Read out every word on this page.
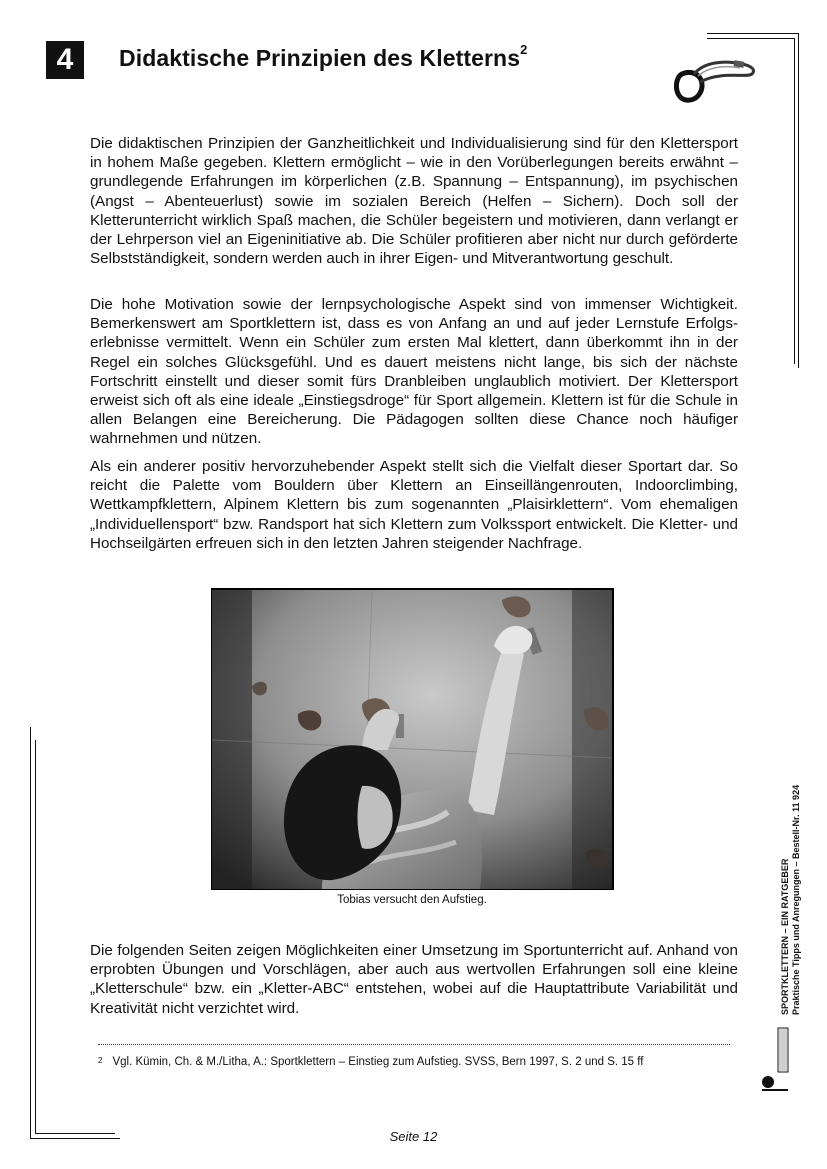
4	Didaktische Prinzipien des Kletterns$^2$

Die didaktischen Prinzipien der Ganzheitlichkeit und Individualisierung sind für den Klettersport in hohem Maße gegeben. Klettern ermöglicht – wie in den Vorüberlegungen bereits erwähnt – grundlegende Erfahrungen im körperlichen (z.B. Spannung – Entspannung), im psychischen (Angst – Abenteuerlust) sowie im sozialen Bereich (Helfen – Sichern). Doch soll der Kletterunterricht wirklich Spaß machen, die Schüler begeistern und motivieren, dann verlangt er der Lehrperson viel an Eigeninitiative ab. Die Schüler profitieren aber nicht nur durch geförderte Selbstständigkeit, sondern werden auch in ihrer Eigen- und Mitverantwortung geschult.

Die hohe Motivation sowie der lernpsychologische Aspekt sind von immenser Wichtigkeit. Bemerkenswert am Sportklettern ist, dass es von Anfang an und auf jeder Lernstufe Erfolgserlebnisse vermittelt. Wenn ein Schüler zum ersten Mal klettert, dann überkommt ihn in der Regel ein solches Glücksgefühl. Und es dauert meistens nicht lange, bis sich der nächste Fortschritt einstellt und dieser somit fürs Dranbleiben unglaublich motiviert. Der Klettersport erweist sich oft als eine ideale „Einstiegsdroge“ für Sport allgemein. Klettern ist für die Schule in allen Belangen eine Bereicherung. Die Pädagogen sollten diese Chance noch häufiger wahrnehmen und nützen.

Als ein anderer positiv hervorzuhebender Aspekt stellt sich die Vielfalt dieser Sportart dar. So reicht die Palette vom Bouldern über Klettern an Einseillängenrouten, Indoorclimbing, Wettkampfklettern, Alpinem Klettern bis zum sogenannten „Plaisirklettern“. Vom ehemaligen „Individuellensport“ bzw. Randsport hat sich Klettern zum Volkssport entwickelt. Die Kletter- und Hochseilgärten erfreuen sich in den letzten Jahren steigender Nachfrage.

Tobias versucht den Aufstieg.

Die folgenden Seiten zeigen Möglichkeiten einer Umsetzung im Sportunterricht auf. Anhand von erprobten Übungen und Vorschlägen, aber auch aus wertvollen Erfahrungen soll eine kleine „Kletterschule“ bzw. ein „Kletter-ABC“ entstehen, wobei auf die Hauptattribute Variabilität und Kreativität nicht verzichtet wird.

$^2$ Vgl. Kümin, Ch. & M./Litha, A.: Sportklettern – Einstieg zum Aufstieg. SVSS, Bern 1997, S. 2 und S. 15 ff
SPORTKLETTERN – EIN RATGEBER Praktische Tipps und Anregungen – Bestell-Nr. 11 924
Seite 12
